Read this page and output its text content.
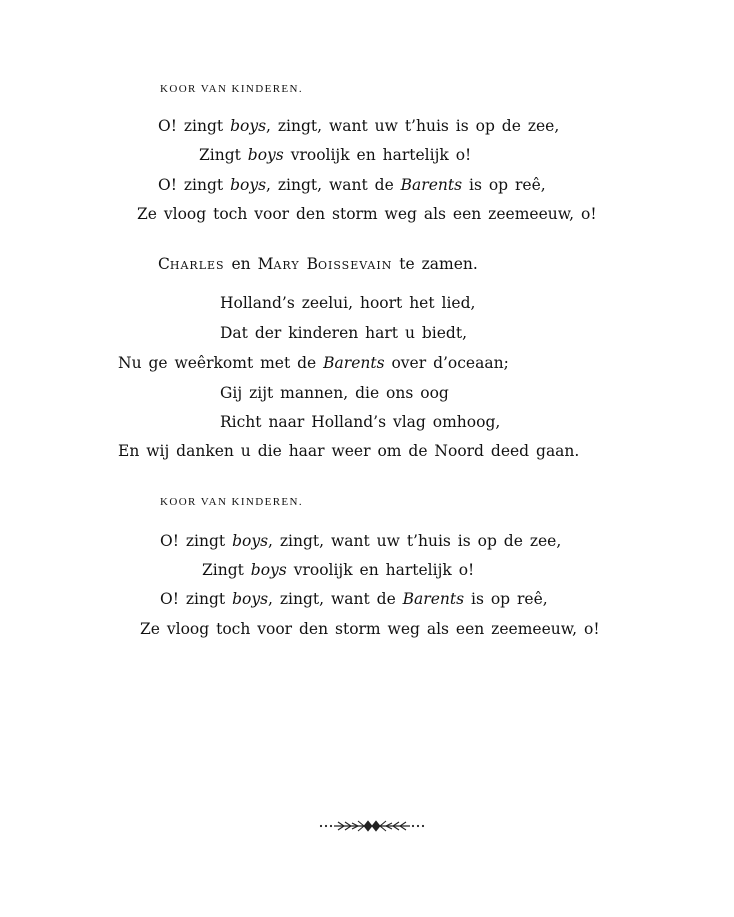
KOOR VAN KINDEREN.
O! zingt boys, zingt, want uw t’huis is op de zee,
Zingt boys vroolijk en hartelijk o!
O! zingt boys, zingt, want de Barents is op reê,
Ze vloog toch voor den storm weg als een zeemeeuw, o!
CHARLES en MARY BOISSEVAIN te zamen.
Holland’s zeelui, hoort het lied,
Dat der kinderen hart u biedt,
Nu ge weêrkomt met de Barents over d’oceaan;
Gij zijt mannen, die ons oog
Richt naar Holland’s vlag omhoog,
En wij danken u die haar weer om de Noord deed gaan.
KOOR VAN KINDEREN.
O! zingt boys, zingt, want uw t’huis is op de zee,
Zingt boys vroolijk en hartelijk o!
O! zingt boys, zingt, want de Barents is op reê,
Ze vloog toch voor den storm weg als een zeemeeuw, o!
